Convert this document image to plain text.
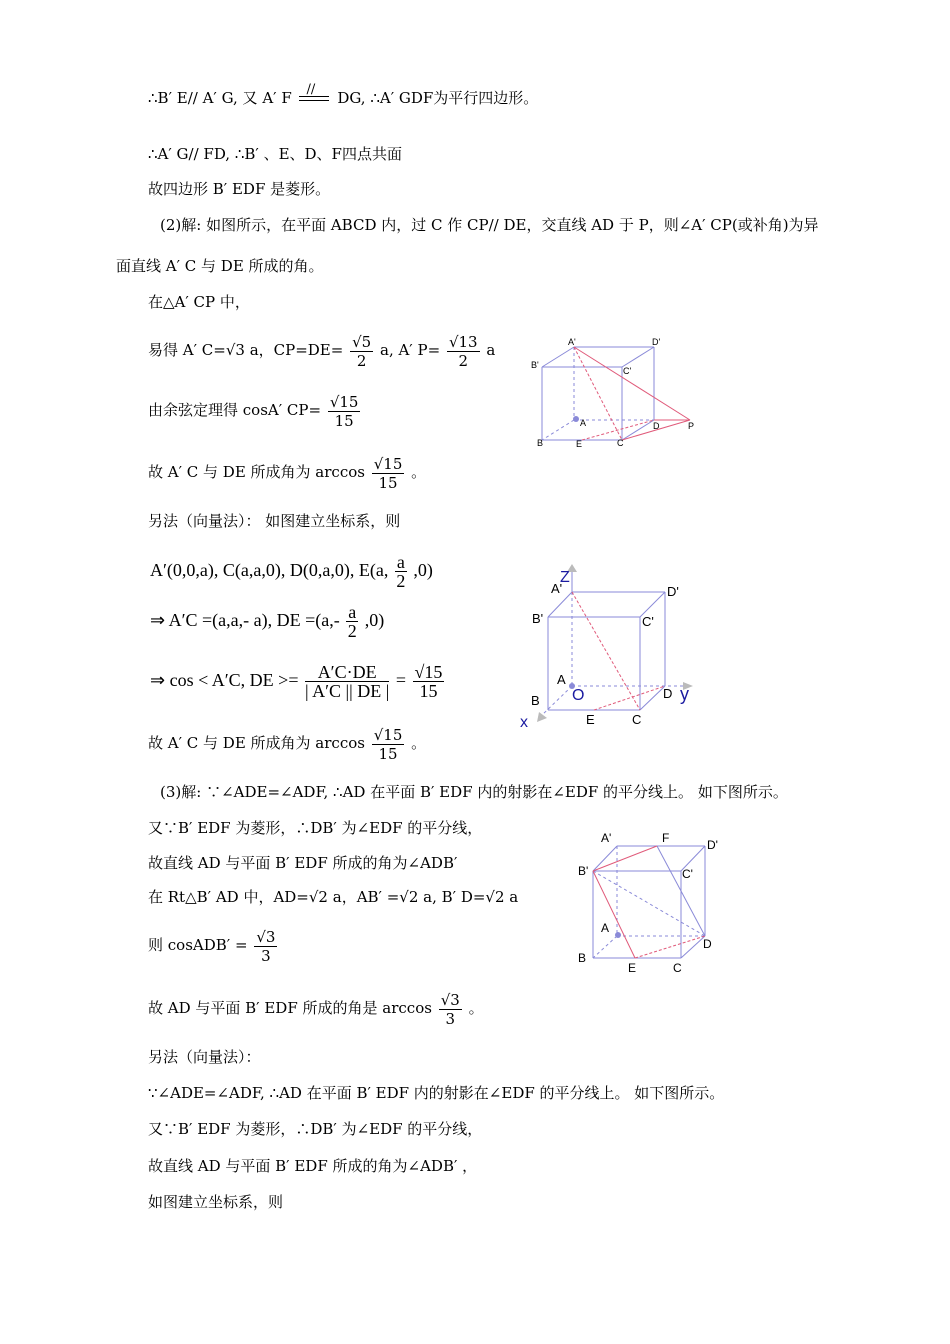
∴B′ E// A′ G, 又 A′ F // DG, ∴A′ GDF为平行四边形。
∴A′ G// FD, ∴B′ 、E、D、F四点共面
故四边形 B′ EDF 是菱形。
(2)解: 如图所示，在平面 ABCD 内，过 C 作 CP// DE，交直线 AD 于 P，则∠A′ CP(或补角)为异
面直线 A′ C 与 DE 所成的角。
在△A′ CP 中，
易得 A′ C=√3 a，$CP=DE= \frac{√5}{2} a$, A′ $P= \frac{√13}{2}$ a
由余弦定理得 cosA′ $CP= \frac{√15}{15}$
故 A′ C 与 DE 所成角为 $\arccos \frac{√15}{15}$ 。
另法（向量法）： 如图建立坐标系，则
A′(0,0,a), C(a,a,0), D(0,a,0), E(a, $\frac{a}{2} ,0$)
⇒ A′C =(a,a,- a), DE $=(a,- \frac{a}{2} ,0)$
⇒ cos < A′C, DE >= $\frac{A'C\cdot DE}{| A'C || DE |} = \frac{√15}{15}$
故 A′ C 与 DE 所成角为 $\arccos \frac{√15}{15}$ 。
(3)解: ∵∠ADE=∠ADF, ∴AD 在平面 B′ EDF 内的射影在∠EDF 的平分线上。 如下图所示。
又∵B′ EDF 为菱形，∴DB′ 为∠EDF 的平分线，
故直线 AD 与平面 B′ EDF 所成的角为∠ADB′
在 Rt△B′ AD 中，AD=√2 a，AB′ =√2 a, B′ D=√2 a
则 cosADB′ = $\frac{√3}{3}$
故 AD 与平面 B′ EDF 所成的角是 $\arccos \frac{√3}{3}$ 。
另法（向量法）：
∵∠ADE=∠ADF, ∴AD 在平面 B′ EDF 内的射影在∠EDF 的平分线上。 如下图所示。
又∵B′ EDF 为菱形，∴DB′ 为∠EDF 的平分线，
故直线 AD 与平面 B′ EDF 所成的角为∠ADB′ ，
如图建立坐标系，则
A'	D'
B'
C'
A
B	E	C
D	P
Z
A'	D'
B'	C'
A
O
B
E	C
D y
x
A'	F	D'
B'	C'
A
B
E	C
D
